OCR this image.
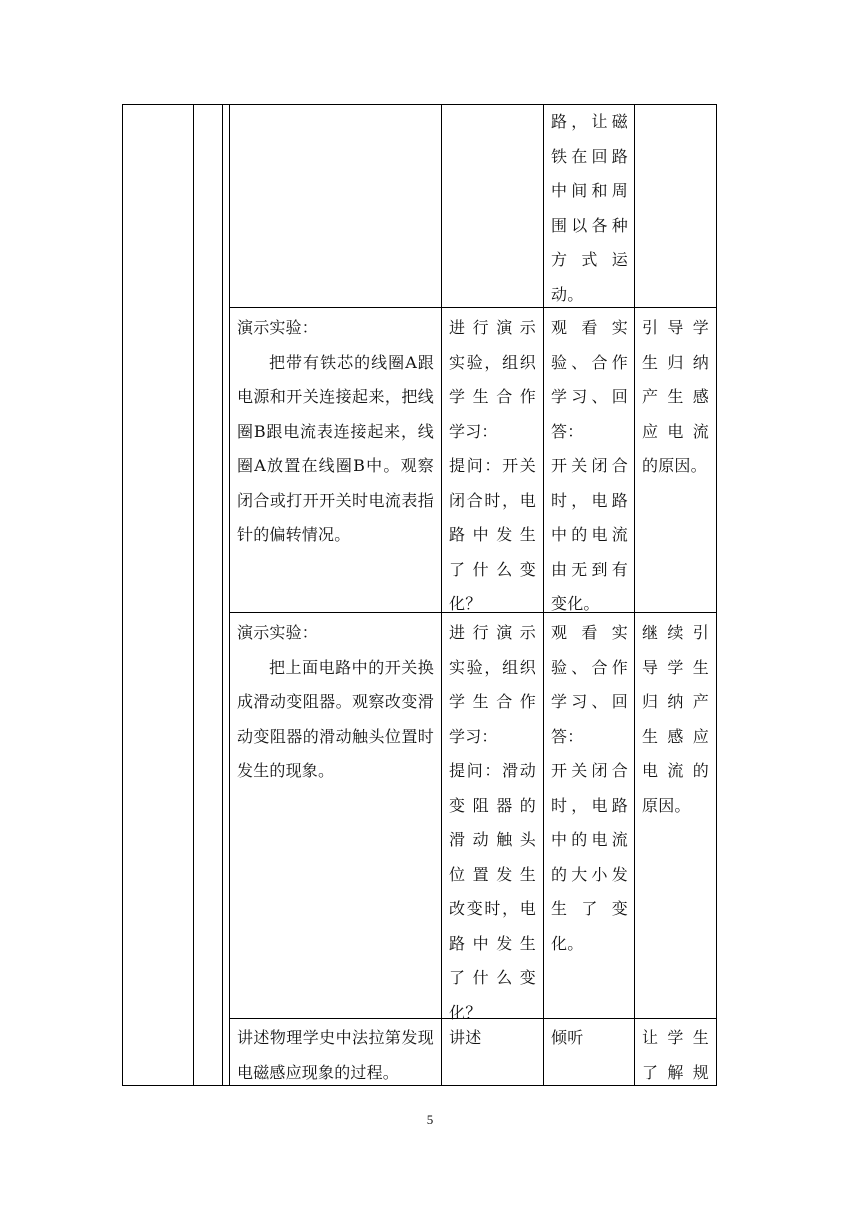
路，让磁
铁在回路
中间和周
围以各种
方式运
动。
演示实验：
把带有铁芯的线圈A跟电源和开关连接起来，把线圈B跟电流表连接起来，线圈A放置在线圈B中。观察闭合或打开开关时电流表指针的偏转情况。
进行演示
实验，组织
学生合作
学习：
提问：开关
闭合时，电
路中发生
了什么变
化？
观看实
验、合作
学习、回
答：
开关闭合
时，电路
中的电流
由无到有
变化。
引导学
生归纳
产生感
应电流
的原因。
演示实验：
把上面电路中的开关换成滑动变阻器。观察改变滑动变阻器的滑动触头位置时发生的现象。
进行演示
实验，组织
学生合作
学习：
提问：滑动
变阻器的
滑动触头
位置发生
改变时，电
路中发生
了什么变
化？
观看实
验、合作
学习、回
答：
开关闭合
时，电路
中的电流
的大小发
生了变
化。
继续引
导学生
归纳产
生感应
电流的
原因。
讲述物理学史中法拉第发现电磁感应现象的过程。
讲述	倾听	让学生
了解规
5
